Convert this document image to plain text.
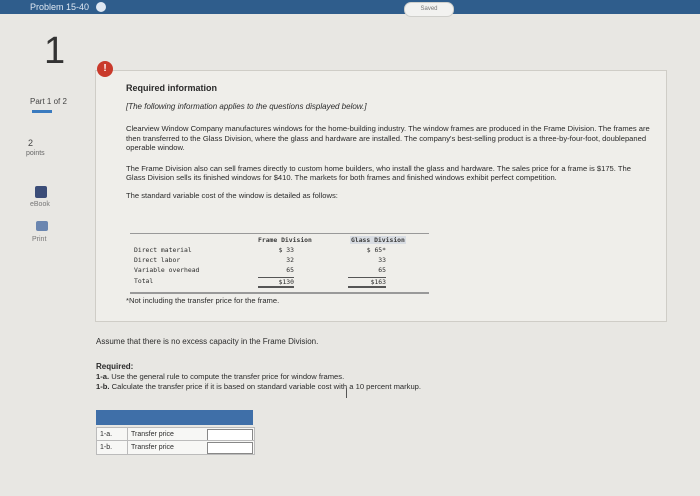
Problem 15-40	Saved
1
Part 1 of 2
2
points
eBook
Print
Required information
[The following information applies to the questions displayed below.]
Clearview Window Company manufactures windows for the home-building industry. The window frames are produced in the Frame Division. The frames are then transferred to the Glass Division, where the glass and hardware are installed. The company's best-selling product is a three-by-four-foot, doublepaned operable window.
The Frame Division also can sell frames directly to custom home builders, who install the glass and hardware. The sales price for a frame is $175. The Glass Division sells its finished windows for $410. The markets for both frames and finished windows exhibit perfect competition.
The standard variable cost of the window is detailed as follows:
!
Frame Division	Glass Division
Direct material	$ 33	$ 65*
Direct labor	32	33
Variable overhead	65	65
Total	$130	$163
*Not including the transfer price for the frame.
Assume that there is no excess capacity in the Frame Division.
Required:
1-a. Use the general rule to compute the transfer price for window frames.
1-b. Calculate the transfer price if it is based on standard variable cost with a 10 percent markup.
1-a.	Transfer price
1-b.	Transfer price
